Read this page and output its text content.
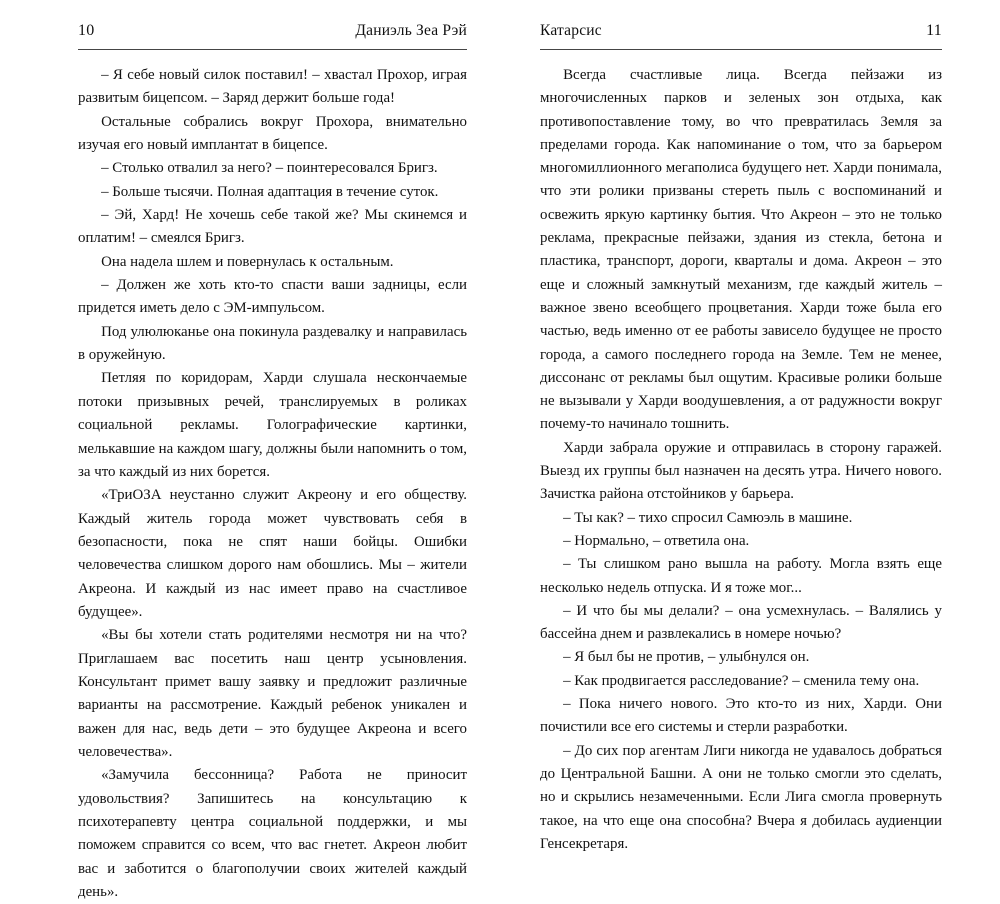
10	Даниэль Зеа Рэй

– Я себе новый силок поставил! – хвастал Прохор, играя развитым бицепсом. – Заряд держит больше года!

Остальные собрались вокруг Прохора, внимательно изучая его новый имплантат в бицепсе.

– Столько отвалил за него? – поинтересовался Бригз.

– Больше тысячи. Полная адаптация в течение суток.

– Эй, Хард! Не хочешь себе такой же? Мы скинемся и оплатим! – смеялся Бригз.

Она надела шлем и повернулась к остальным.

– Должен же хоть кто-то спасти ваши задницы, если придется иметь дело с ЭМ-импульсом.

Под улюлюканье она покинула раздевалку и направилась в оружейную.

Петляя по коридорам, Харди слушала нескончаемые потоки призывных речей, транслируемых в роликах социальной рекламы. Голографические картинки, мелькавшие на каждом шагу, должны были напомнить о том, за что каждый из них борется.

«ТриОЗА неустанно служит Акреону и его обществу. Каждый житель города может чувствовать себя в безопасности, пока не спят наши бойцы. Ошибки человечества слишком дорого нам обошлись. Мы – жители Акреона. И каждый из нас имеет право на счастливое будущее».

«Вы бы хотели стать родителями несмотря ни на что? Приглашаем вас посетить наш центр усыновления. Консультант примет вашу заявку и предложит различные варианты на рассмотрение. Каждый ребенок уникален и важен для нас, ведь дети – это будущее Акреона и всего человечества».

«Замучила бессонница? Работа не приносит удовольствия? Запишитесь на консультацию к психотерапевту центра социальной поддержки, и мы поможем справится со всем, что вас гнетет. Акреон любит вас и заботится о благополучии своих жителей каждый день».

Катарсис	11

Всегда счастливые лица. Всегда пейзажи из многочисленных парков и зеленых зон отдыха, как противопоставление тому, во что превратилась Земля за пределами города. Как напоминание о том, что за барьером многомиллионного мегаполиса будущего нет. Харди понимала, что эти ролики призваны стереть пыль с воспоминаний и освежить яркую картинку бытия. Что Акреон – это не только реклама, прекрасные пейзажи, здания из стекла, бетона и пластика, транспорт, дороги, кварталы и дома. Акреон – это еще и сложный замкнутый механизм, где каждый житель – важное звено всеобщего процветания. Харди тоже была его частью, ведь именно от ее работы зависело будущее не просто города, а самого последнего города на Земле. Тем не менее, диссонанс от рекламы был ощутим. Красивые ролики больше не вызывали у Харди воодушевления, а от радужности вокруг почему-то начинало тошнить.

Харди забрала оружие и отправилась в сторону гаражей. Выезд их группы был назначен на десять утра. Ничего нового. Зачистка района отстойников у барьера.

– Ты как? – тихо спросил Самюэль в машине.

– Нормально, – ответила она.

– Ты слишком рано вышла на работу. Могла взять еще несколько недель отпуска. И я тоже мог...

– И что бы мы делали? – она усмехнулась. – Валялись у бассейна днем и развлекались в номере ночью?

– Я был бы не против, – улыбнулся он.

– Как продвигается расследование? – сменила тему она.

– Пока ничего нового. Это кто-то из них, Харди. Они почистили все его системы и стерли разработки.

– До сих пор агентам Лиги никогда не удавалось добраться до Центральной Башни. А они не только смогли это сделать, но и скрылись незамеченными. Если Лига смогла провернуть такое, на что еще она способна? Вчера я добилась аудиенции Генсекретаря.
